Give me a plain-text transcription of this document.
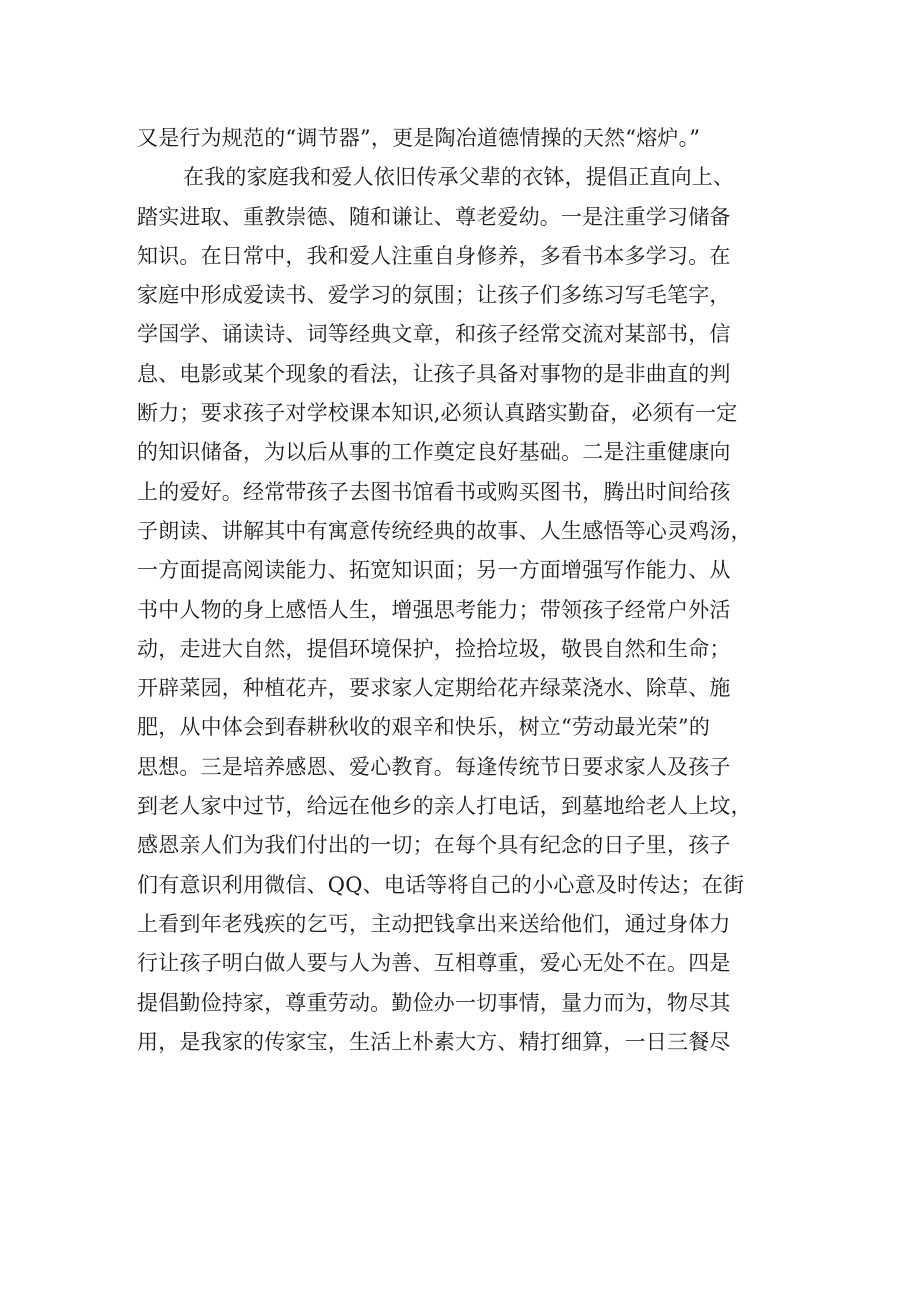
又是行为规范的“调节器”，更是陶冶道德情操的天然“熔炉。”
在我的家庭我和爱人依旧传承父辈的衣钵，提倡正直向上、
踏实进取、重教崇德、随和谦让、尊老爱幼。一是注重学习储备
知识。在日常中，我和爱人注重自身修养，多看书本多学习。在
家庭中形成爱读书、爱学习的氛围；让孩子们多练习写毛笔字，
学国学、诵读诗、词等经典文章，和孩子经常交流对某部书，信
息、电影或某个现象的看法，让孩子具备对事物的是非曲直的判
断力；要求孩子对学校课本知识,必须认真踏实勤奋，必须有一定
的知识储备，为以后从事的工作奠定良好基础。二是注重健康向
上的爱好。经常带孩子去图书馆看书或购买图书，腾出时间给孩
子朗读、讲解其中有寓意传统经典的故事、人生感悟等心灵鸡汤，
一方面提高阅读能力、拓宽知识面；另一方面增强写作能力、从
书中人物的身上感悟人生，增强思考能力；带领孩子经常户外活
动，走进大自然，提倡环境保护，捡拾垃圾，敬畏自然和生命；
开辟菜园，种植花卉，要求家人定期给花卉绿菜浇水、除草、施
肥，从中体会到春耕秋收的艰辛和快乐，树立“劳动最光荣”的
思想。三是培养感恩、爱心教育。每逢传统节日要求家人及孩子
到老人家中过节，给远在他乡的亲人打电话，到墓地给老人上坟，
感恩亲人们为我们付出的一切；在每个具有纪念的日子里，孩子
们有意识利用微信、QQ、电话等将自己的小心意及时传达；在街
上看到年老残疾的乞丐，主动把钱拿出来送给他们，通过身体力
行让孩子明白做人要与人为善、互相尊重，爱心无处不在。四是
提倡勤俭持家，尊重劳动。勤俭办一切事情，量力而为，物尽其
用，是我家的传家宝，生活上朴素大方、精打细算，一日三餐尽
